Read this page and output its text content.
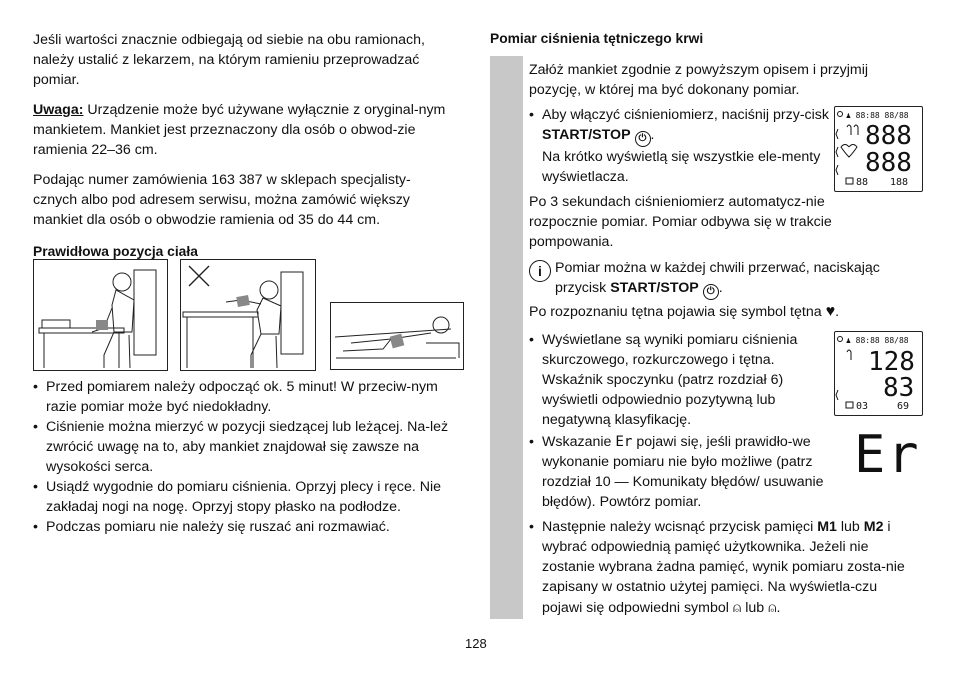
Jeśli wartości znacznie odbiegają od siebie na obu ramionach, należy ustalić z lekarzem, na którym ramieniu przeprowadzać pomiar.

Uwaga: Urządzenie może być używane wyłącznie z oryginal-nym mankietem. Mankiet jest przeznaczony dla osób o obwod-zie ramienia 22–36 cm.

Podając numer zamówienia 163 387 w sklepach specjalisty-cznych albo pod adresem serwisu, można zamówić większy mankiet dla osób o obwodzie ramienia od 35 do 44 cm.

Prawidłowa pozycja ciała

• Przed pomiarem należy odpocząć ok. 5 minut! W przeciw-nym razie pomiar może być niedokładny.
• Ciśnienie można mierzyć w pozycji siedzącej lub leżącej. Na-leż zwrócić uwagę na to, aby mankiet znajdował się zawsze na wysokości serca.
• Usiądź wygodnie do pomiaru ciśnienia. Oprzyj plecy i ręce. Nie zakładaj nogi na nogę. Oprzyj stopy płasko na podłodze.
• Podczas pomiaru nie należy się ruszać ani rozmawiać.

Pomiar ciśnienia tętniczego krwi

Załóż mankiet zgodnie z powyższym opisem i przyjmij pozycję, w której ma być dokonany pomiar.

• Aby włączyć ciśnieniomierz, naciśnij przy-cisk START/STOP ⏻ .
Na krótko wyświetlą się wszystkie ele-menty wyświetlacza.
♟ 88:88 88/88
888
888
88 188

Po 3 sekundach ciśnieniomierz automatycz-nie rozpocznie pomiar. Pomiar odbywa się w trakcie pompowania.

i Pomiar można w każdej chwili przerwać, naciskając przycisk START/STOP ⏻ .

Po rozpoznaniu tętna pojawia się symbol tętna ♥.

• Wyświetlane są wyniki pomiaru ciśnienia skurczowego, rozkurczowego i tętna. Wskaźnik spoczynku (patrz rozdział 6) wyświetli odpowiednio pozytywną lub negatywną klasyfikację.
♟ 88:88 88/88
128
83
03	69
• Wskazanie Er pojawi się, jeśli prawidło-we wykonanie pomiaru nie było możliwe (patrz rozdział 10 — Komunikaty błędów/ usuwanie błędów). Powtórz pomiar.
Er
• Następnie należy wcisnąć przycisk pamięci M1 lub M2 i wybrać odpowiednią pamięć użytkownika. Jeżeli nie zostanie wybrana żadna pamięć, wynik pomiaru zosta-nie zapisany w ostatnio użytej pamięci. Na wyświetla-czu pojawi się odpowiedni symbol ⍝ lub ⍝.
128
